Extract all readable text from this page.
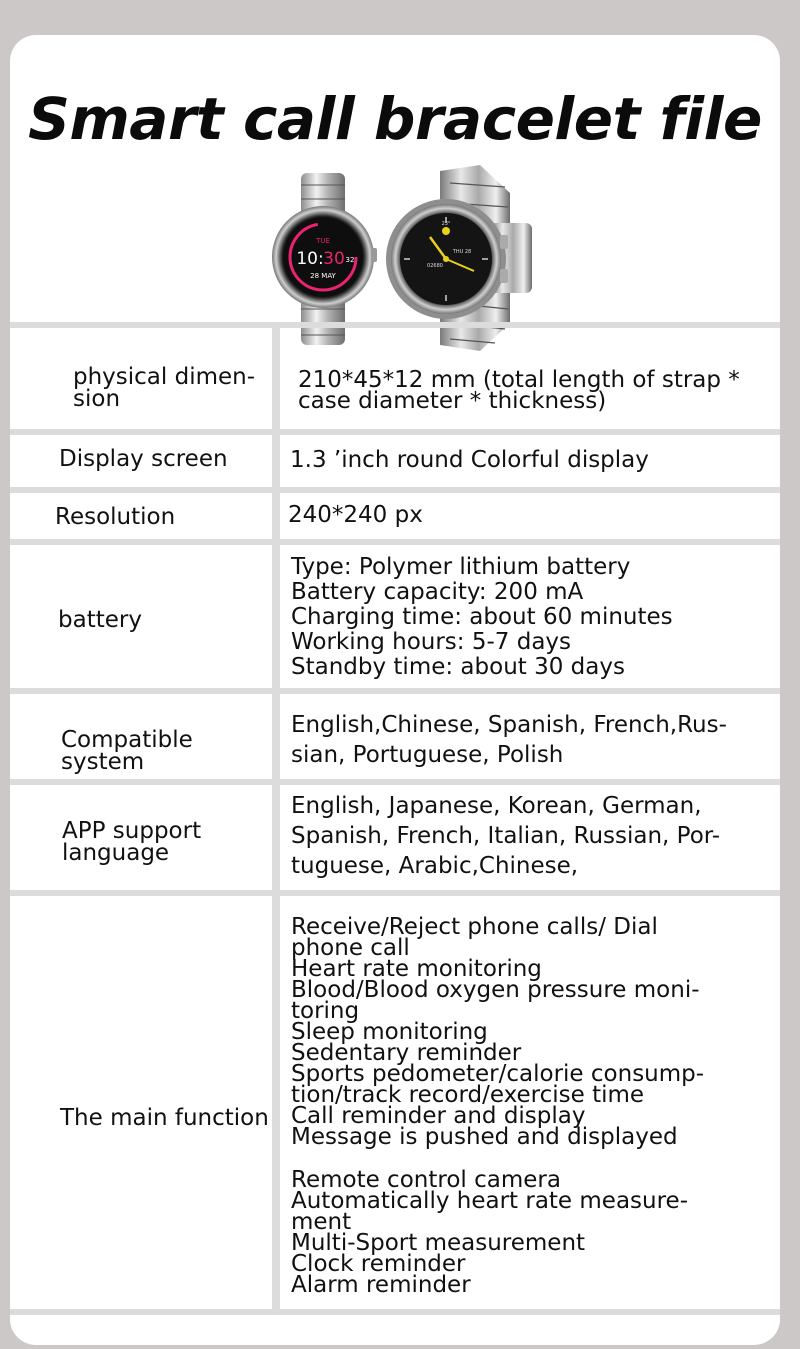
Smart call bracelet file
TUE
10: 30 32
28 MAY
23°
THU 28
02680
physical dimen-
sion
210*45*12 mm (total length of strap *
case diameter * thickness)
Display screen	1.3 ’inch round Colorful display
Resolution	240*240 px
battery
Type: Polymer lithium battery
Battery capacity: 200 mA
Charging time: about 60 minutes
Working hours: 5-7 days
Standby time: about 30 days
Compatible
system
English,Chinese, Spanish, French,Rus-
sian, Portuguese, Polish
APP support
language
English, Japanese, Korean, German,
Spanish, French, Italian, Russian, Por-
tuguese, Arabic,Chinese,
The main function
Receive/Reject phone calls/ Dial
phone call
Heart rate monitoring
Blood/Blood oxygen pressure moni-
toring
Sleep monitoring
Sedentary reminder
Sports pedometer/calorie consump-
tion/track record/exercise time
Call reminder and display
Message is pushed and displayed
Remote control camera
Automatically heart rate measure-
ment
Multi-Sport measurement
Clock reminder
Alarm reminder
